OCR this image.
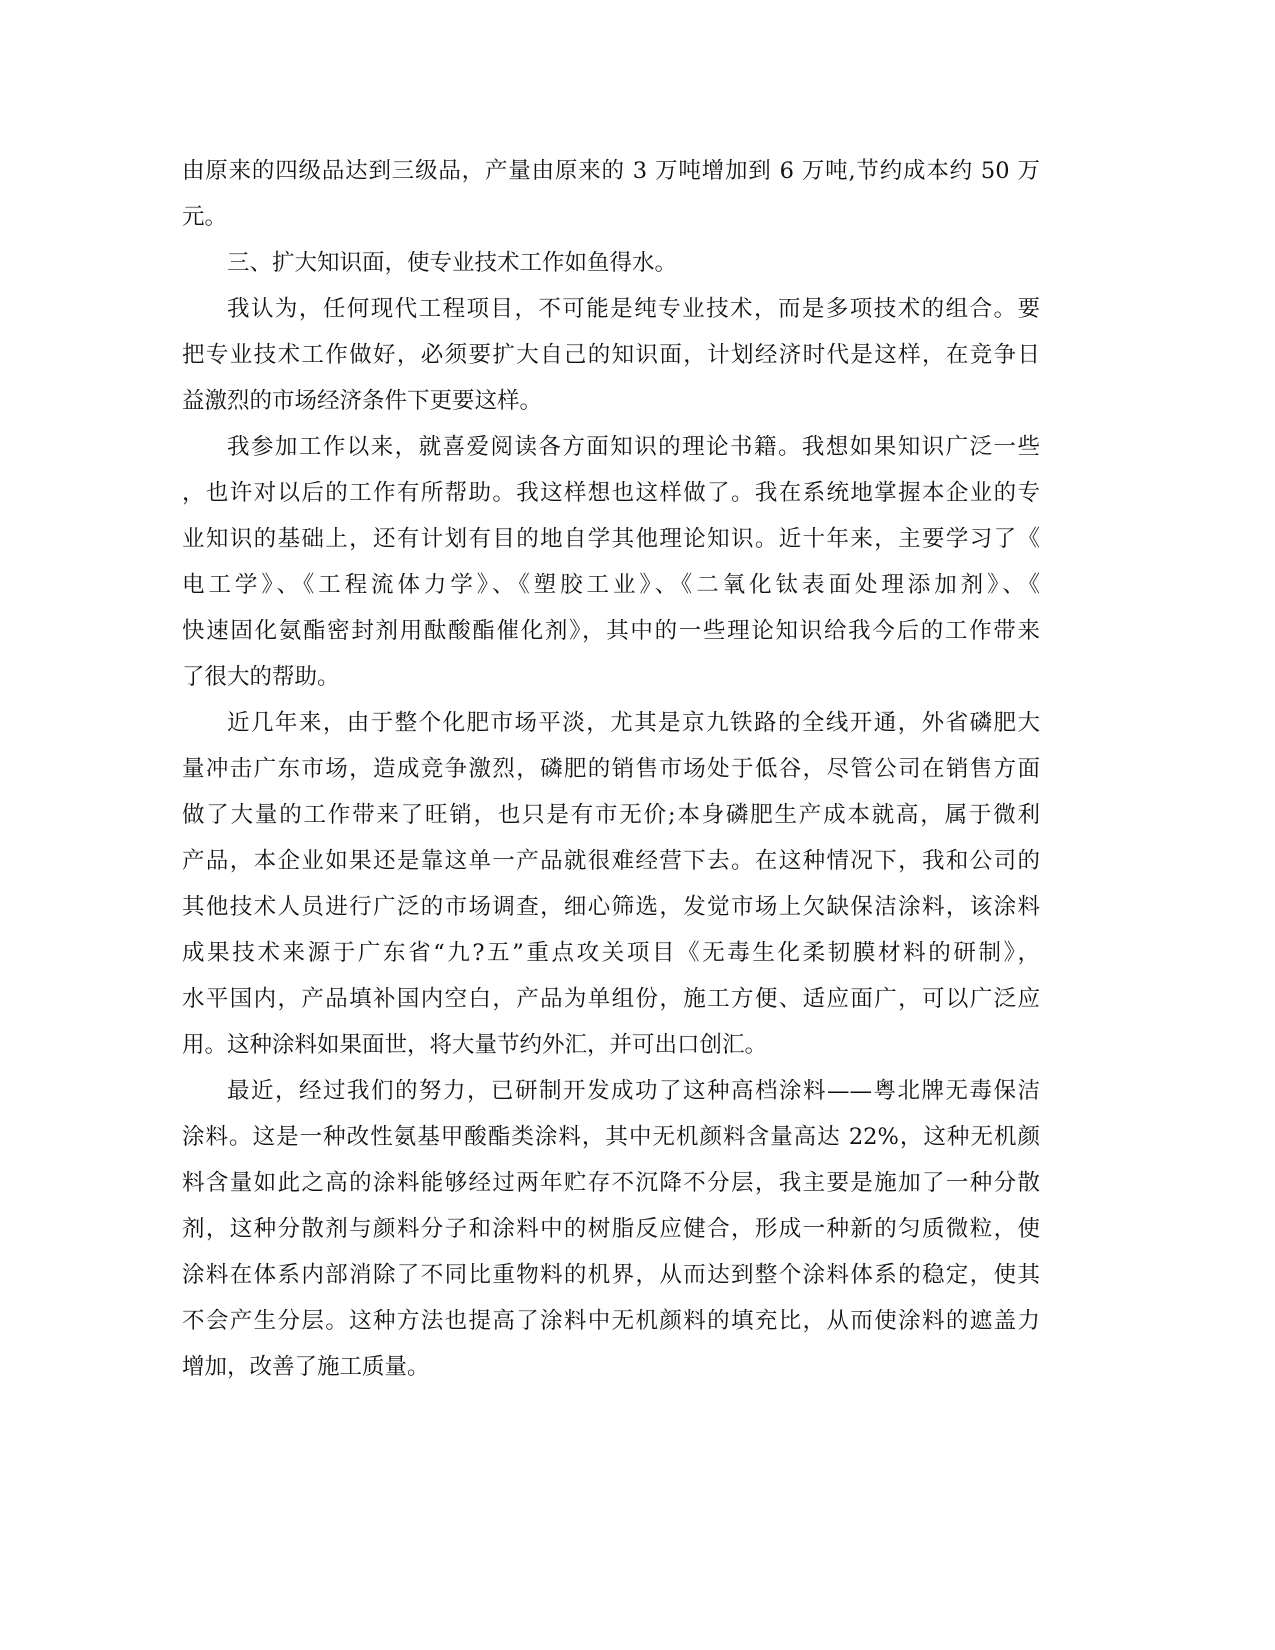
由原来的四级品达到三级品，产量由原来的 3 万吨增加到 6 万吨,节约成本约 50 万
元。
三、扩大知识面，使专业技术工作如鱼得水。
我认为，任何现代工程项目，不可能是纯专业技术，而是多项技术的组合。要
把专业技术工作做好，必须要扩大自己的知识面，计划经济时代是这样，在竞争日
益激烈的市场经济条件下更要这样。
我参加工作以来，就喜爱阅读各方面知识的理论书籍。我想如果知识广泛一些
，也许对以后的工作有所帮助。我这样想也这样做了。我在系统地掌握本企业的专
业知识的基础上，还有计划有目的地自学其他理论知识。近十年来，主要学习了《
电工学》、《工程流体力学》、《塑胶工业》、《二氧化钛表面处理添加剂》、《
快速固化氨酯密封剂用酞酸酯催化剂》，其中的一些理论知识给我今后的工作带来
了很大的帮助。
近几年来，由于整个化肥市场平淡，尤其是京九铁路的全线开通，外省磷肥大
量冲击广东市场，造成竞争激烈，磷肥的销售市场处于低谷，尽管公司在销售方面
做了大量的工作带来了旺销，也只是有市无价;本身磷肥生产成本就高，属于微利
产品，本企业如果还是靠这单一产品就很难经营下去。在这种情况下，我和公司的
其他技术人员进行广泛的市场调查，细心筛选，发觉市场上欠缺保洁涂料，该涂料
成果技术来源于广东省“九?五”重点攻关项目《无毒生化柔韧膜材料的研制》，
水平国内，产品填补国内空白，产品为单组份，施工方便、适应面广，可以广泛应
用。这种涂料如果面世，将大量节约外汇，并可出口创汇。
最近，经过我们的努力，已研制开发成功了这种高档涂料——粤北牌无毒保洁
涂料。这是一种改性氨基甲酸酯类涂料，其中无机颜料含量高达 22%，这种无机颜
料含量如此之高的涂料能够经过两年贮存不沉降不分层，我主要是施加了一种分散
剂，这种分散剂与颜料分子和涂料中的树脂反应健合，形成一种新的匀质微粒，使
涂料在体系内部消除了不同比重物料的机界，从而达到整个涂料体系的稳定，使其
不会产生分层。这种方法也提高了涂料中无机颜料的填充比，从而使涂料的遮盖力
增加，改善了施工质量。
